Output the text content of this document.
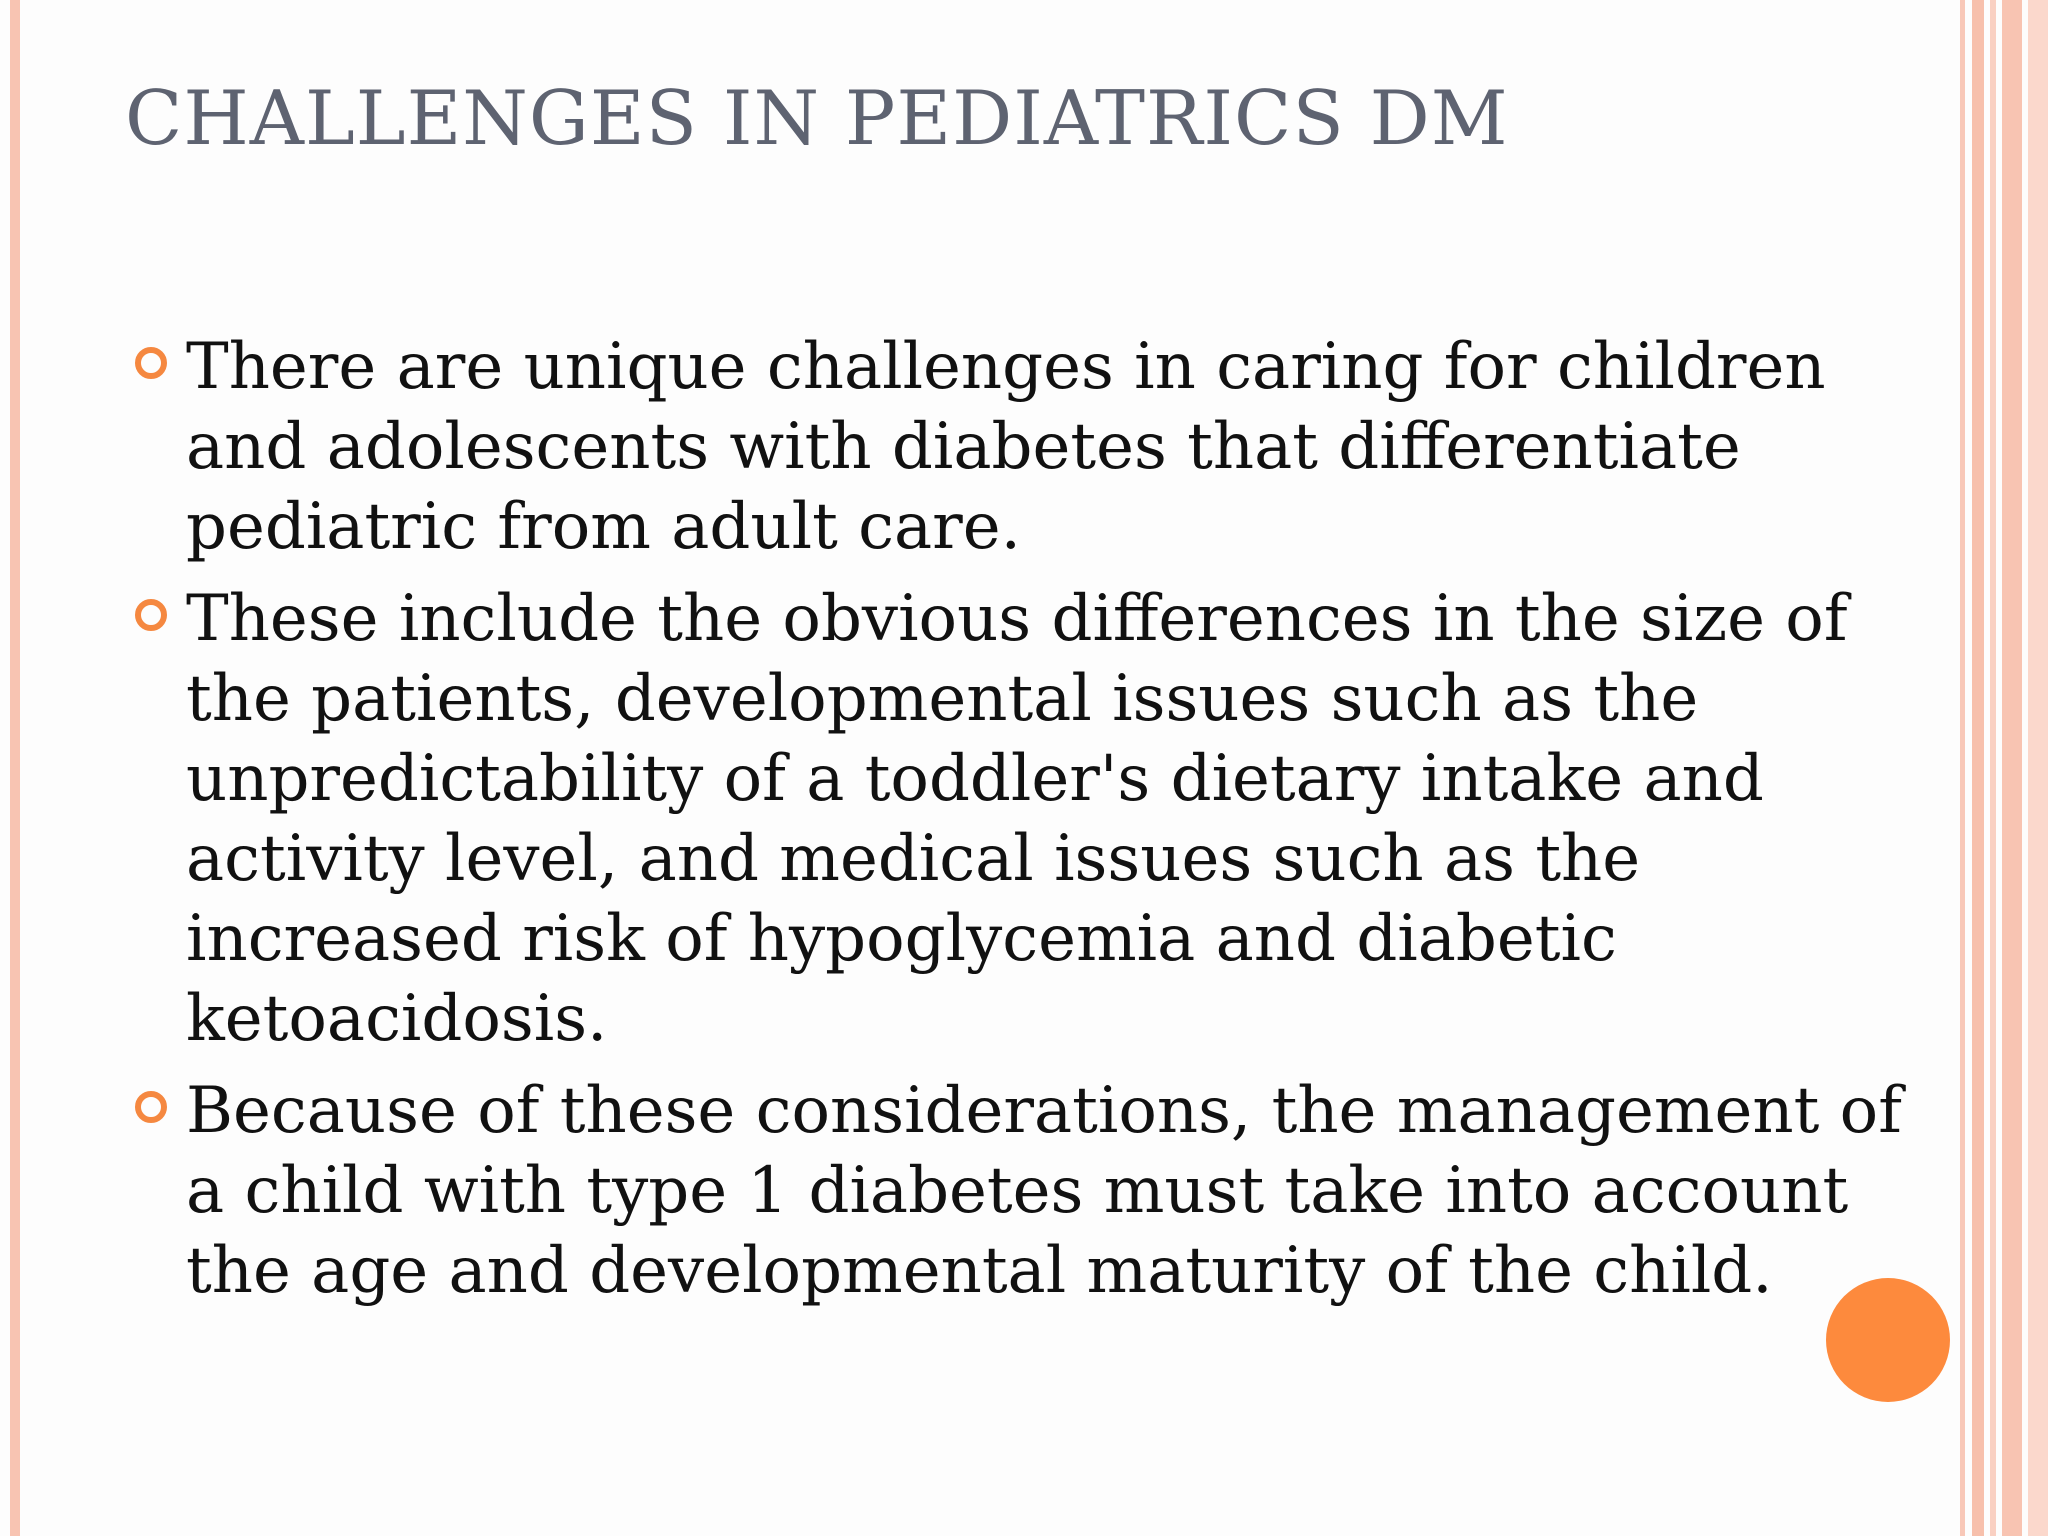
CHALLENGES IN PEDIATRICS DM
There are unique challenges in caring for children and adolescents with diabetes that differentiate pediatric from adult care.
These include the obvious differences in the size of the patients, developmental issues such as the unpredictability of a toddler's dietary intake and activity level, and medical issues such as the increased risk of hypoglycemia and diabetic ketoacidosis.
Because of these considerations, the management of a child with type 1 diabetes must take into account the age and developmental maturity of the child.
